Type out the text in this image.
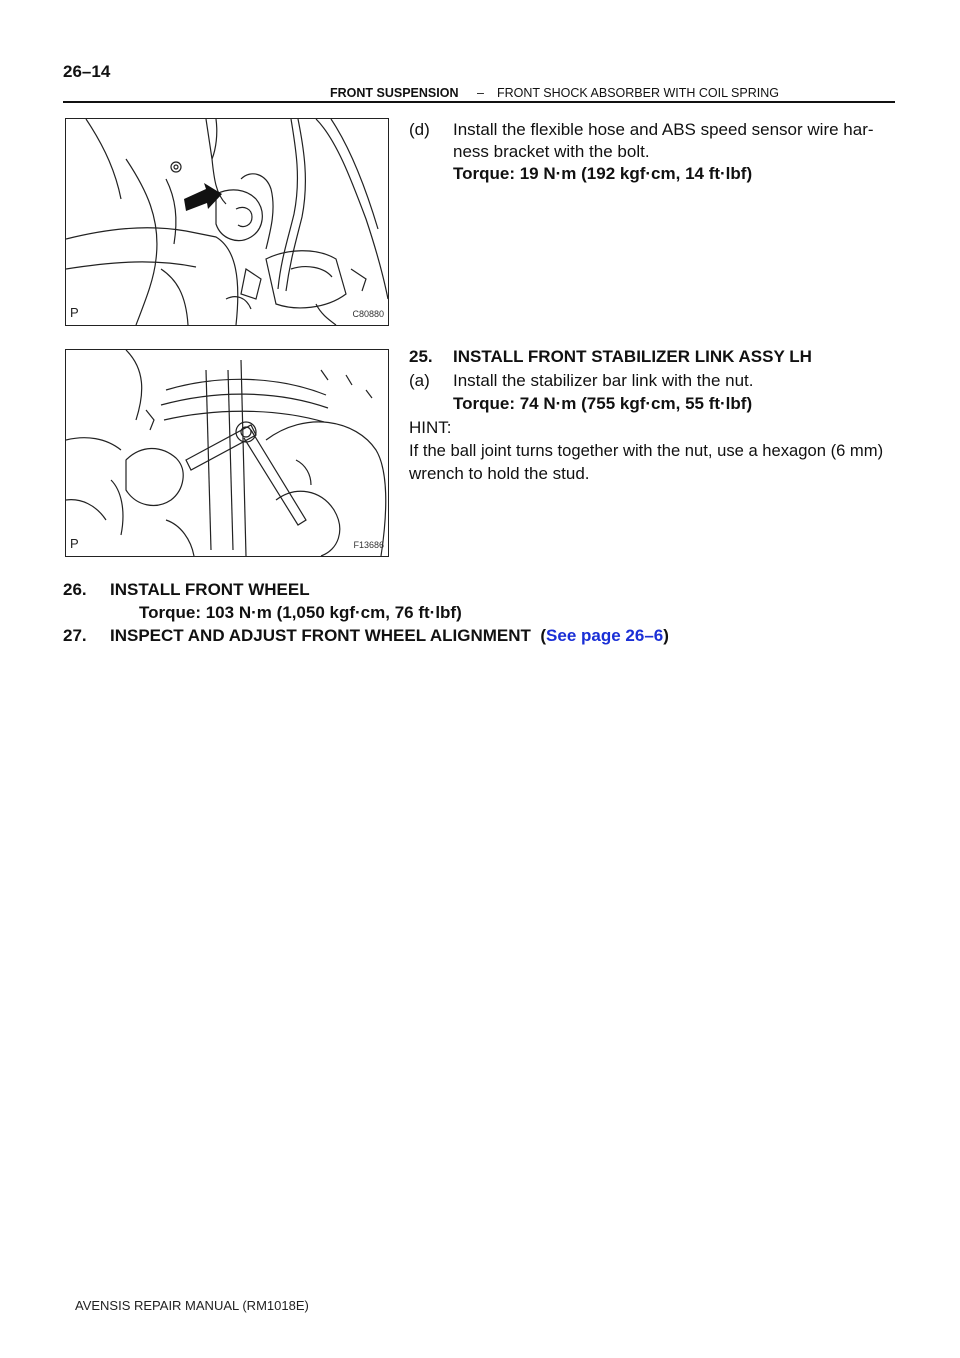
26–14
FRONT SUSPENSION – FRONT SHOCK ABSORBER WITH COIL SPRING
P	C80880
P	F13686
(d) Install the flexible hose and ABS speed sensor wire har-
ness bracket with the bolt.
Torque: 19 N·m (192 kgf·cm, 14 ft·lbf)
25. INSTALL FRONT STABILIZER LINK ASSY LH
(a) Install the stabilizer bar link with the nut.
Torque: 74 N·m (755 kgf·cm, 55 ft·lbf)
HINT:
If the ball joint turns together with the nut, use a hexagon (6 mm)
wrench to hold the stud.
26. INSTALL FRONT WHEEL
Torque: 103 N·m (1,050 kgf·cm, 76 ft·lbf)
27. INSPECT AND ADJUST FRONT WHEEL ALIGNMENT (See page 26–6)
AVENSIS REPAIR MANUAL (RM1018E)
